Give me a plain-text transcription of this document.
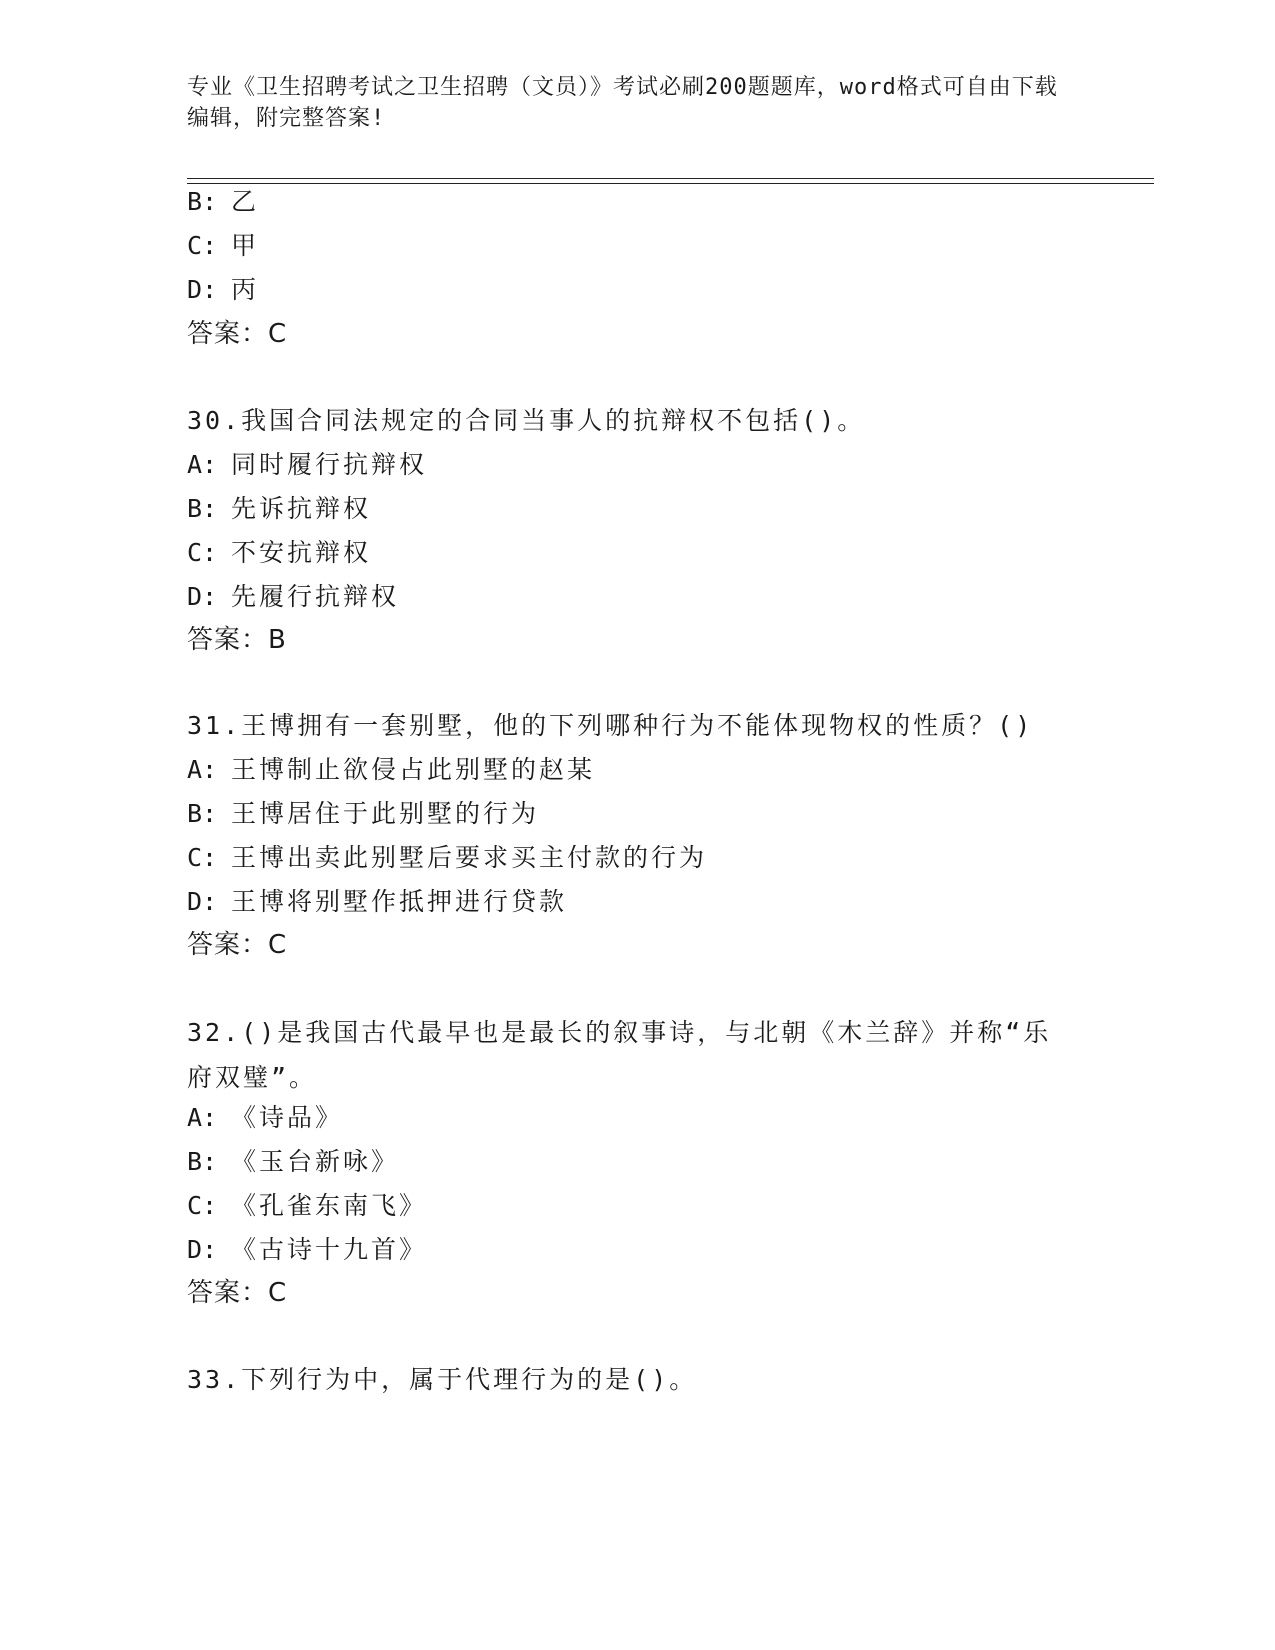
专业《卫生招聘考试之卫生招聘（文员）》考试必刷200题题库，word格式可自由下载编辑，附完整答案!
B: 乙
C: 甲
D: 丙
答案：C
30.我国合同法规定的合同当事人的抗辩权不包括()。
A: 同时履行抗辩权
B: 先诉抗辩权
C: 不安抗辩权
D: 先履行抗辩权
答案：B
31.王博拥有一套别墅，他的下列哪种行为不能体现物权的性质？()
A: 王博制止欲侵占此别墅的赵某
B: 王博居住于此别墅的行为
C: 王博出卖此别墅后要求买主付款的行为
D: 王博将别墅作抵押进行贷款
答案：C
32.()是我国古代最早也是最长的叙事诗，与北朝《木兰辞》并称“乐府双璧”。
A: 《诗品》
B: 《玉台新咏》
C: 《孔雀东南飞》
D: 《古诗十九首》
答案：C
33.下列行为中，属于代理行为的是()。
